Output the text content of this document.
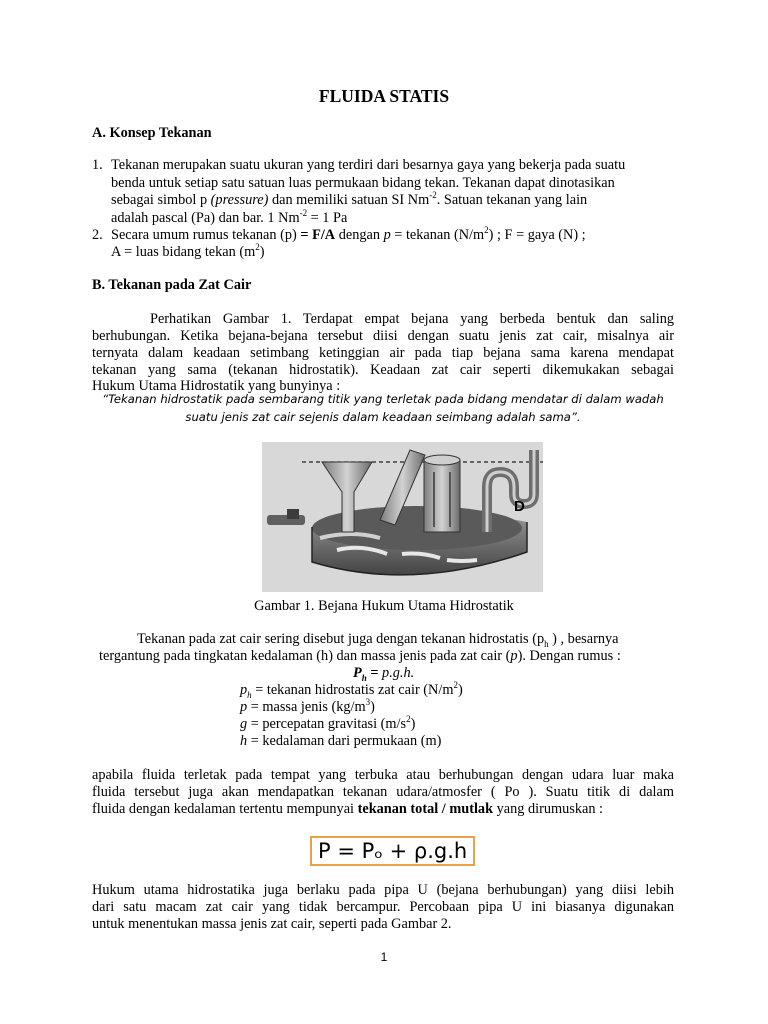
FLUIDA STATIS
A. Konsep Tekanan
1. Tekanan merupakan suatu ukuran yang terdiri dari besarnya gaya yang bekerja pada suatu
benda untuk setiap satu satuan luas permukaan bidang tekan. Tekanan dapat dinotasikan
sebagai simbol p (pressure) dan memiliki satuan SI $Nm^{-2}$. Satuan tekanan yang lain
adalah pascal (Pa) dan bar. 1 $Nm^{-2} = 1$ Pa
2. Secara umum rumus tekanan (p) = F/A dengan p = tekanan $(N/m^2)$ ; F = gaya (N) ;
A = luas bidang tekan $(m^2)$
B. Tekanan pada Zat Cair
Perhatikan Gambar 1. Terdapat empat bejana yang berbeda bentuk dan saling
berhubungan. Ketika bejana-bejana tersebut diisi dengan suatu jenis zat cair, misalnya air
ternyata dalam keadaan setimbang ketinggian air pada tiap bejana sama karena mendapat
tekanan yang sama (tekanan hidrostatik). Keadaan zat cair seperti dikemukakan sebagai
Hukum Utama Hidrostatik yang bunyinya :
“Tekanan hidrostatik pada sembarang titik yang terletak pada bidang mendatar di dalam wadah
suatu jenis zat cair sejenis dalam keadaan seimbang adalah sama”.
D
Gambar 1. Bejana Hukum Utama Hidrostatik
Tekanan pada zat cair sering disebut juga dengan tekanan hidrostatis ($p_h$ ) , besarnya
tergantung pada tingkatan kedalaman (h) dan massa jenis pada zat cair (p). Dengan rumus :
$P_h = p.g.h$.
$p_h$ = tekanan hidrostatis zat cair $(N/m^2)$
p = massa jenis $(kg/m^3)$
g = percepatan gravitasi $(m/s^2)$
h = kedalaman dari permukaan (m)
apabila fluida terletak pada tempat yang terbuka atau berhubungan dengan udara luar maka
fluida tersebut juga akan mendapatkan tekanan udara/atmosfer ( Po ). Suatu titik di dalam
fluida dengan kedalaman tertentu mempunyai tekanan total / mutlak yang dirumuskan :
P = Pₒ + ρ.g.h
Hukum utama hidrostatika juga berlaku pada pipa U (bejana berhubungan) yang diisi lebih
dari satu macam zat cair yang tidak bercampur. Percobaan pipa U ini biasanya digunakan
untuk menentukan massa jenis zat cair, seperti pada Gambar 2.
1
